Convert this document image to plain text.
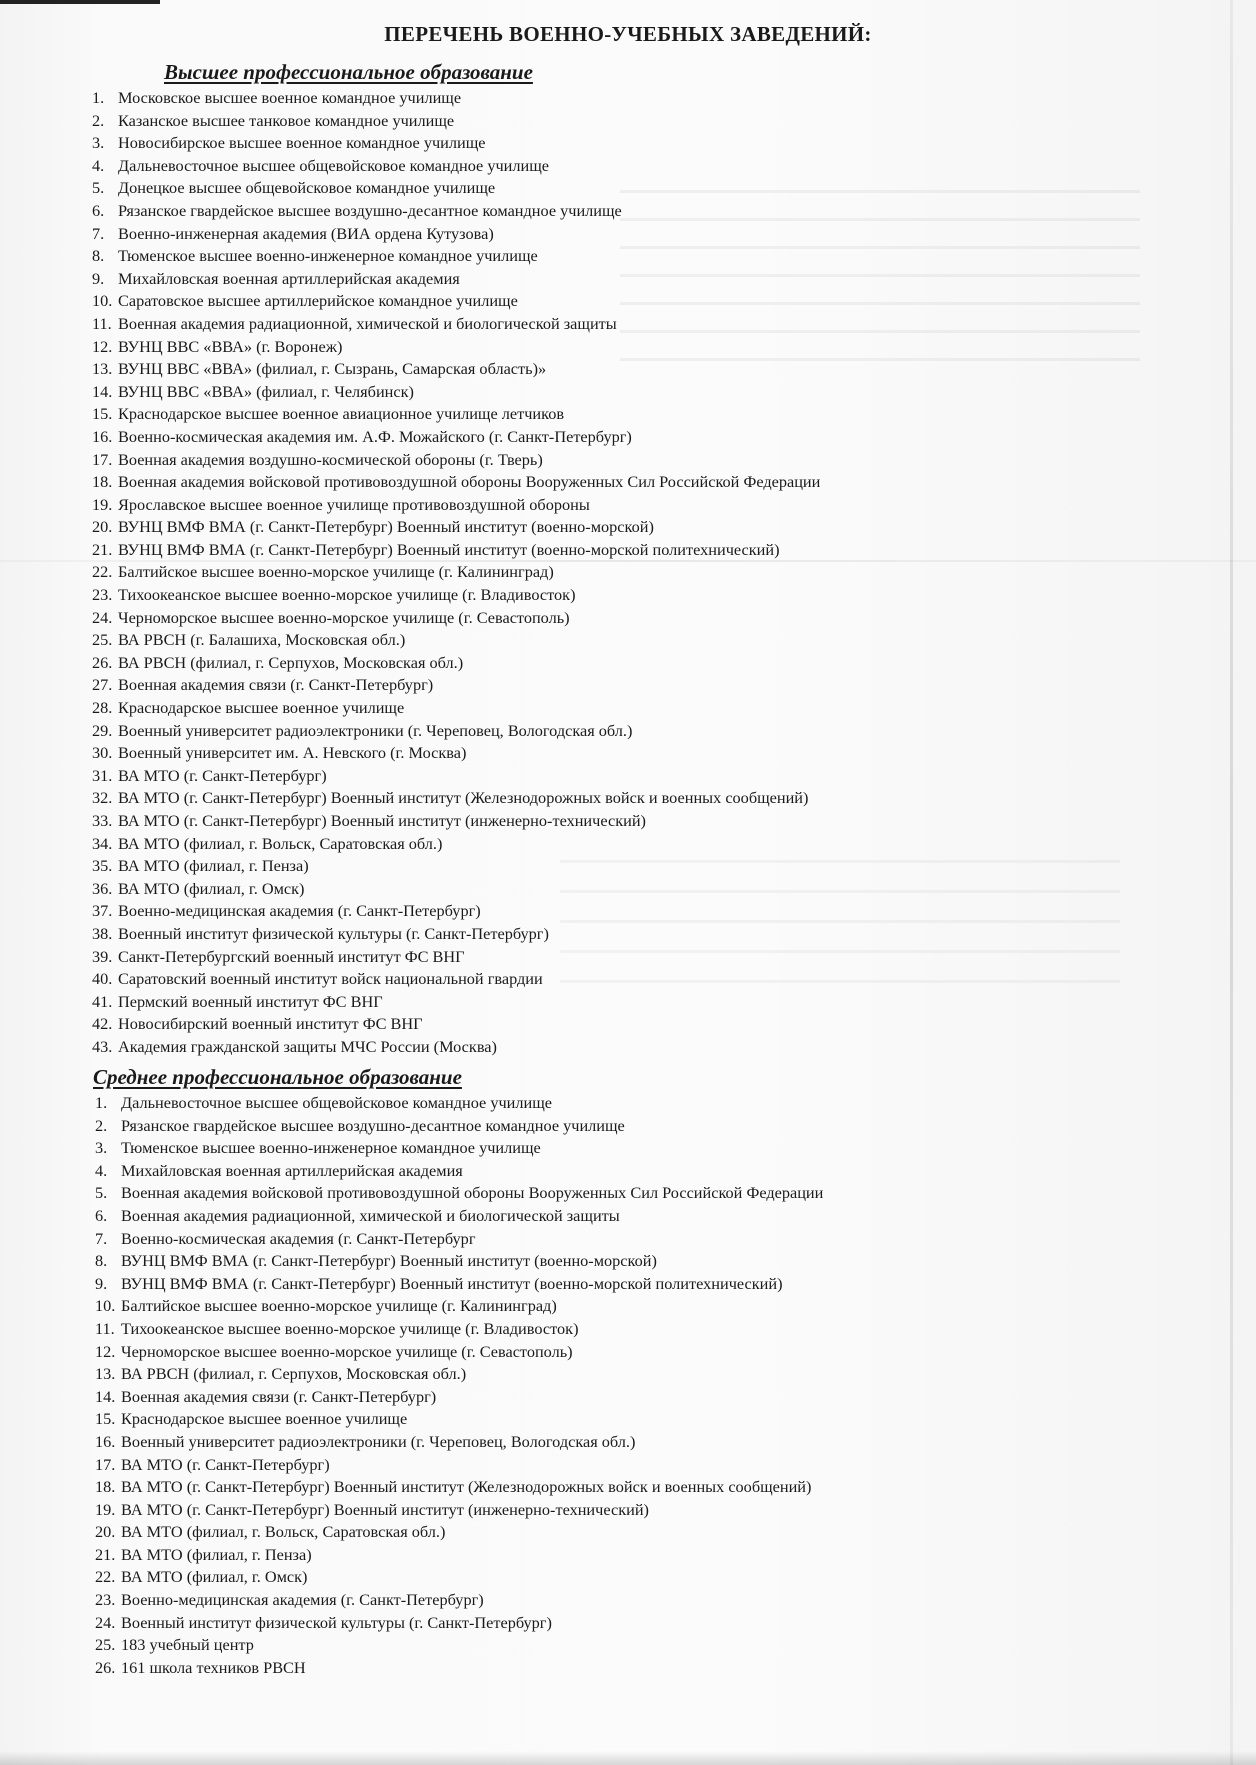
ПЕРЕЧЕНЬ ВОЕННО-УЧЕБНЫХ ЗАВЕДЕНИЙ:
Высшее профессиональное образование
1. Московское высшее военное командное училище
2. Казанское высшее танковое командное училище
3. Новосибирское высшее военное командное училище
4. Дальневосточное высшее общевойсковое командное училище
5. Донецкое высшее общевойсковое командное училище
6. Рязанское гвардейское высшее воздушно-десантное командное училище
7. Военно-инженерная академия (ВИА ордена Кутузова)
8. Тюменское высшее военно-инженерное командное училище
9. Михайловская военная артиллерийская академия
10. Саратовское высшее артиллерийское командное училище
11. Военная академия радиационной, химической и биологической защиты
12. ВУНЦ ВВС «ВВА» (г. Воронеж)
13. ВУНЦ ВВС «ВВА» (филиал, г. Сызрань, Самарская область)»
14. ВУНЦ ВВС «ВВА» (филиал, г. Челябинск)
15. Краснодарское высшее военное авиационное училище летчиков
16. Военно-космическая академия им. А.Ф. Можайского (г. Санкт-Петербург)
17. Военная академия воздушно-космической обороны (г. Тверь)
18. Военная академия войсковой противовоздушной обороны Вооруженных Сил Российской Федерации
19. Ярославское высшее военное училище противовоздушной обороны
20. ВУНЦ ВМФ ВМА (г. Санкт-Петербург) Военный институт (военно-морской)
21. ВУНЦ ВМФ ВМА (г. Санкт-Петербург) Военный институт (военно-морской политехнический)
22. Балтийское высшее военно-морское училище (г. Калининград)
23. Тихоокеанское высшее военно-морское училище (г. Владивосток)
24. Черноморское высшее военно-морское училище (г. Севастополь)
25. ВА РВСН (г. Балашиха, Московская обл.)
26. ВА РВСН (филиал, г. Серпухов, Московская обл.)
27. Военная академия связи (г. Санкт-Петербург)
28. Краснодарское высшее военное училище
29. Военный университет радиоэлектроники (г. Череповец, Вологодская обл.)
30. Военный университет им. А. Невского (г. Москва)
31. ВА МТО (г. Санкт-Петербург)
32. ВА МТО (г. Санкт-Петербург) Военный институт (Железнодорожных войск и военных сообщений)
33. ВА МТО (г. Санкт-Петербург) Военный институт (инженерно-технический)
34. ВА МТО (филиал, г. Вольск, Саратовская обл.)
35. ВА МТО (филиал, г. Пенза)
36. ВА МТО (филиал, г. Омск)
37. Военно-медицинская академия (г. Санкт-Петербург)
38. Военный институт физической культуры (г. Санкт-Петербург)
39. Санкт-Петербургский военный институт ФС ВНГ
40. Саратовский военный институт войск национальной гвардии
41. Пермский военный институт ФС ВНГ
42. Новосибирский военный институт ФС ВНГ
43. Академия гражданской защиты МЧС России (Москва)
Среднее профессиональное образование
1. Дальневосточное высшее общевойсковое командное училище
2. Рязанское гвардейское высшее воздушно-десантное командное училище
3. Тюменское высшее военно-инженерное командное училище
4. Михайловская военная артиллерийская академия
5. Военная академия войсковой противовоздушной обороны Вооруженных Сил Российской Федерации
6. Военная академия радиационной, химической и биологической защиты
7. Военно-космическая академия (г. Санкт-Петербург
8. ВУНЦ ВМФ ВМА (г. Санкт-Петербург) Военный институт (военно-морской)
9. ВУНЦ ВМФ ВМА (г. Санкт-Петербург) Военный институт (военно-морской политехнический)
10. Балтийское высшее военно-морское училище (г. Калининград)
11. Тихоокеанское высшее военно-морское училище (г. Владивосток)
12. Черноморское высшее военно-морское училище (г. Севастополь)
13. ВА РВСН (филиал, г. Серпухов, Московская обл.)
14. Военная академия связи (г. Санкт-Петербург)
15. Краснодарское высшее военное училище
16. Военный университет радиоэлектроники (г. Череповец, Вологодская обл.)
17. ВА МТО (г. Санкт-Петербург)
18. ВА МТО (г. Санкт-Петербург) Военный институт (Железнодорожных войск и военных сообщений)
19. ВА МТО (г. Санкт-Петербург) Военный институт (инженерно-технический)
20. ВА МТО (филиал, г. Вольск, Саратовская обл.)
21. ВА МТО (филиал, г. Пенза)
22. ВА МТО (филиал, г. Омск)
23. Военно-медицинская академия (г. Санкт-Петербург)
24. Военный институт физической культуры (г. Санкт-Петербург)
25. 183 учебный центр
26. 161 школа техников РВСН
